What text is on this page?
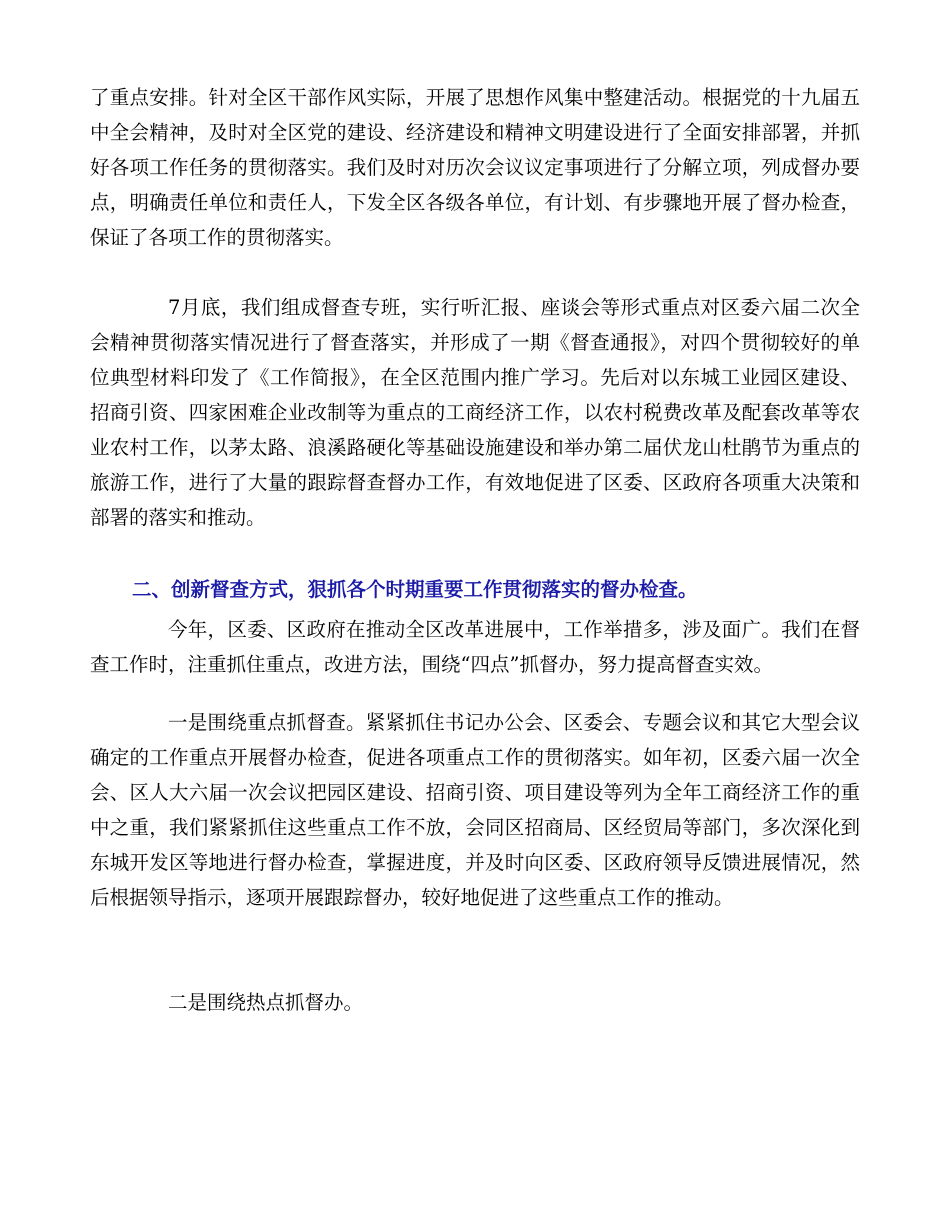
了重点安排。针对全区干部作风实际，开展了思想作风集中整建活动。根据党的十九届五中全会精神，及时对全区党的建设、经济建设和精神文明建设进行了全面安排部署，并抓好各项工作任务的贯彻落实。我们及时对历次会议议定事项进行了分解立项，列成督办要点，明确责任单位和责任人，下发全区各级各单位，有计划、有步骤地开展了督办检查，保证了各项工作的贯彻落实。

7月底，我们组成督查专班，实行听汇报、座谈会等形式重点对区委六届二次全会精神贯彻落实情况进行了督查落实，并形成了一期《督查通报》，对四个贯彻较好的单位典型材料印发了《工作简报》，在全区范围内推广学习。先后对以东城工业园区建设、招商引资、四家困难企业改制等为重点的工商经济工作，以农村税费改革及配套改革等农业农村工作，以茅太路、浪溪路硬化等基础设施建设和举办第二届伏龙山杜鹃节为重点的旅游工作，进行了大量的跟踪督查督办工作，有效地促进了区委、区政府各项重大决策和部署的落实和推动。

二、创新督查方式，狠抓各个时期重要工作贯彻落实的督办检查。

今年，区委、区政府在推动全区改革进展中，工作举措多，涉及面广。我们在督查工作时，注重抓住重点，改进方法，围绕“四点”抓督办，努力提高督查实效。

一是围绕重点抓督查。紧紧抓住书记办公会、区委会、专题会议和其它大型会议确定的工作重点开展督办检查，促进各项重点工作的贯彻落实。如年初，区委六届一次全会、区人大六届一次会议把园区建设、招商引资、项目建设等列为全年工商经济工作的重中之重，我们紧紧抓住这些重点工作不放，会同区招商局、区经贸局等部门，多次深化到东城开发区等地进行督办检查，掌握进度，并及时向区委、区政府领导反馈进展情况，然后根据领导指示，逐项开展跟踪督办，较好地促进了这些重点工作的推动。

二是围绕热点抓督办。
